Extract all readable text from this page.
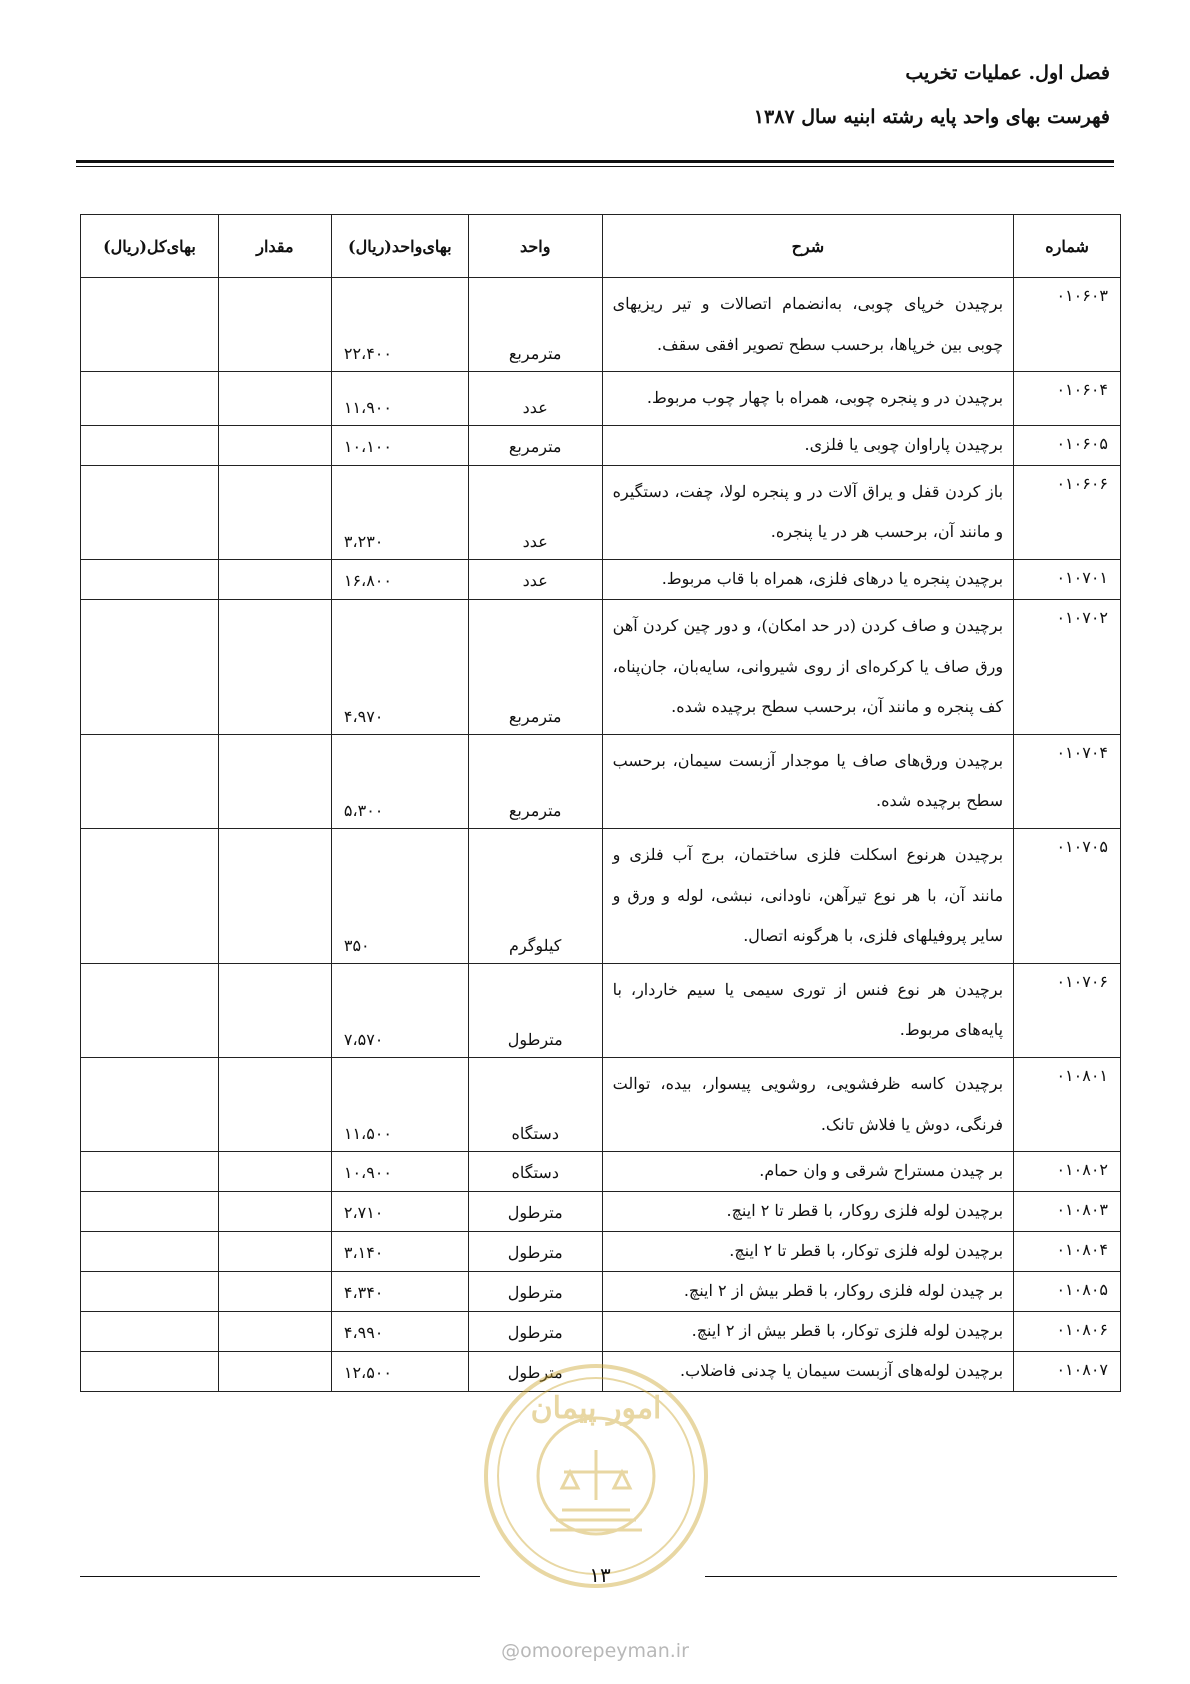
فصل اول. عملیات تخریب
فهرست بهای واحد پایه رشته ابنیه سال ۱۳۸۷
شماره	شرح	واحد	بهای‌واحد(ریال)	مقدار	بهای‌کل(ریال)
۰۱۰۶۰۳	برچیدن خرپای چوبی، به‌انضمام اتصالات و تیر ریزیهای چوبی بین خرپاها، برحسب سطح تصویر افقی سقف.	مترمربع	۲۲،۴۰۰		
۰۱۰۶۰۴	برچیدن در و پنجره چوبی، همراه با چهار چوب مربوط.	عدد	۱۱،۹۰۰		
۰۱۰۶۰۵	برچیدن پاراوان چوبی یا فلزی.	مترمربع	۱۰،۱۰۰		
۰۱۰۶۰۶	باز کردن قفل و یراق آلات در و پنجره لولا، چفت، دستگیره و مانند آن، برحسب هر در یا پنجره.	عدد	۳،۲۳۰		
۰۱۰۷۰۱	برچیدن پنجره یا درهای فلزی، همراه با قاب مربوط.	عدد	۱۶،۸۰۰		
۰۱۰۷۰۲	برچیدن و صاف کردن (در حد امکان)، و دور چین کردن آهن ورق صاف یا کرکره‌ای از روی شیروانی، سایه‌بان، جان‌پناه، کف پنجره و مانند آن، برحسب سطح برچیده شده.	مترمربع	۴،۹۷۰		
۰۱۰۷۰۴	برچیدن ورق‌های صاف یا موجدار آزبست سیمان، برحسب سطح برچیده شده.	مترمربع	۵،۳۰۰		
۰۱۰۷۰۵	برچیدن هرنوع اسکلت فلزی ساختمان، برج آب فلزی و مانند آن، با هر نوع تیرآهن، ناودانی، نبشی، لوله و ورق و سایر پروفیلهای فلزی، با هرگونه اتصال.	کیلوگرم	۳۵۰		
۰۱۰۷۰۶	برچیدن هر نوع فنس از توری سیمی یا سیم خاردار، با پایه‌های مربوط.	مترطول	۷،۵۷۰		
۰۱۰۸۰۱	برچیدن کاسه ظرفشویی، روشویی پیسوار، بیده، توالت فرنگی، دوش یا فلاش تانک.	دستگاه	۱۱،۵۰۰		
۰۱۰۸۰۲	بر چیدن مستراح شرقی و وان حمام.	دستگاه	۱۰،۹۰۰		
۰۱۰۸۰۳	برچیدن لوله فلزی روکار، با قطر تا ۲ اینچ.	مترطول	۲،۷۱۰		
۰۱۰۸۰۴	برچیدن لوله فلزی توکار، با قطر تا ۲ اینچ.	مترطول	۳،۱۴۰		
۰۱۰۸۰۵	بر چیدن لوله فلزی روکار، با قطر بیش از ۲ اینچ.	مترطول	۴،۳۴۰		
۰۱۰۸۰۶	برچیدن لوله فلزی توکار، با قطر بیش از ۲ اینچ.	مترطول	۴،۹۹۰		
۰۱۰۸۰۷	برچیدن لوله‌های آزبست سیمان یا چدنی فاضلاب.	مترطول	۱۲،۵۰۰		
امور پیمان
۱۳
@omoorepeyman.ir
